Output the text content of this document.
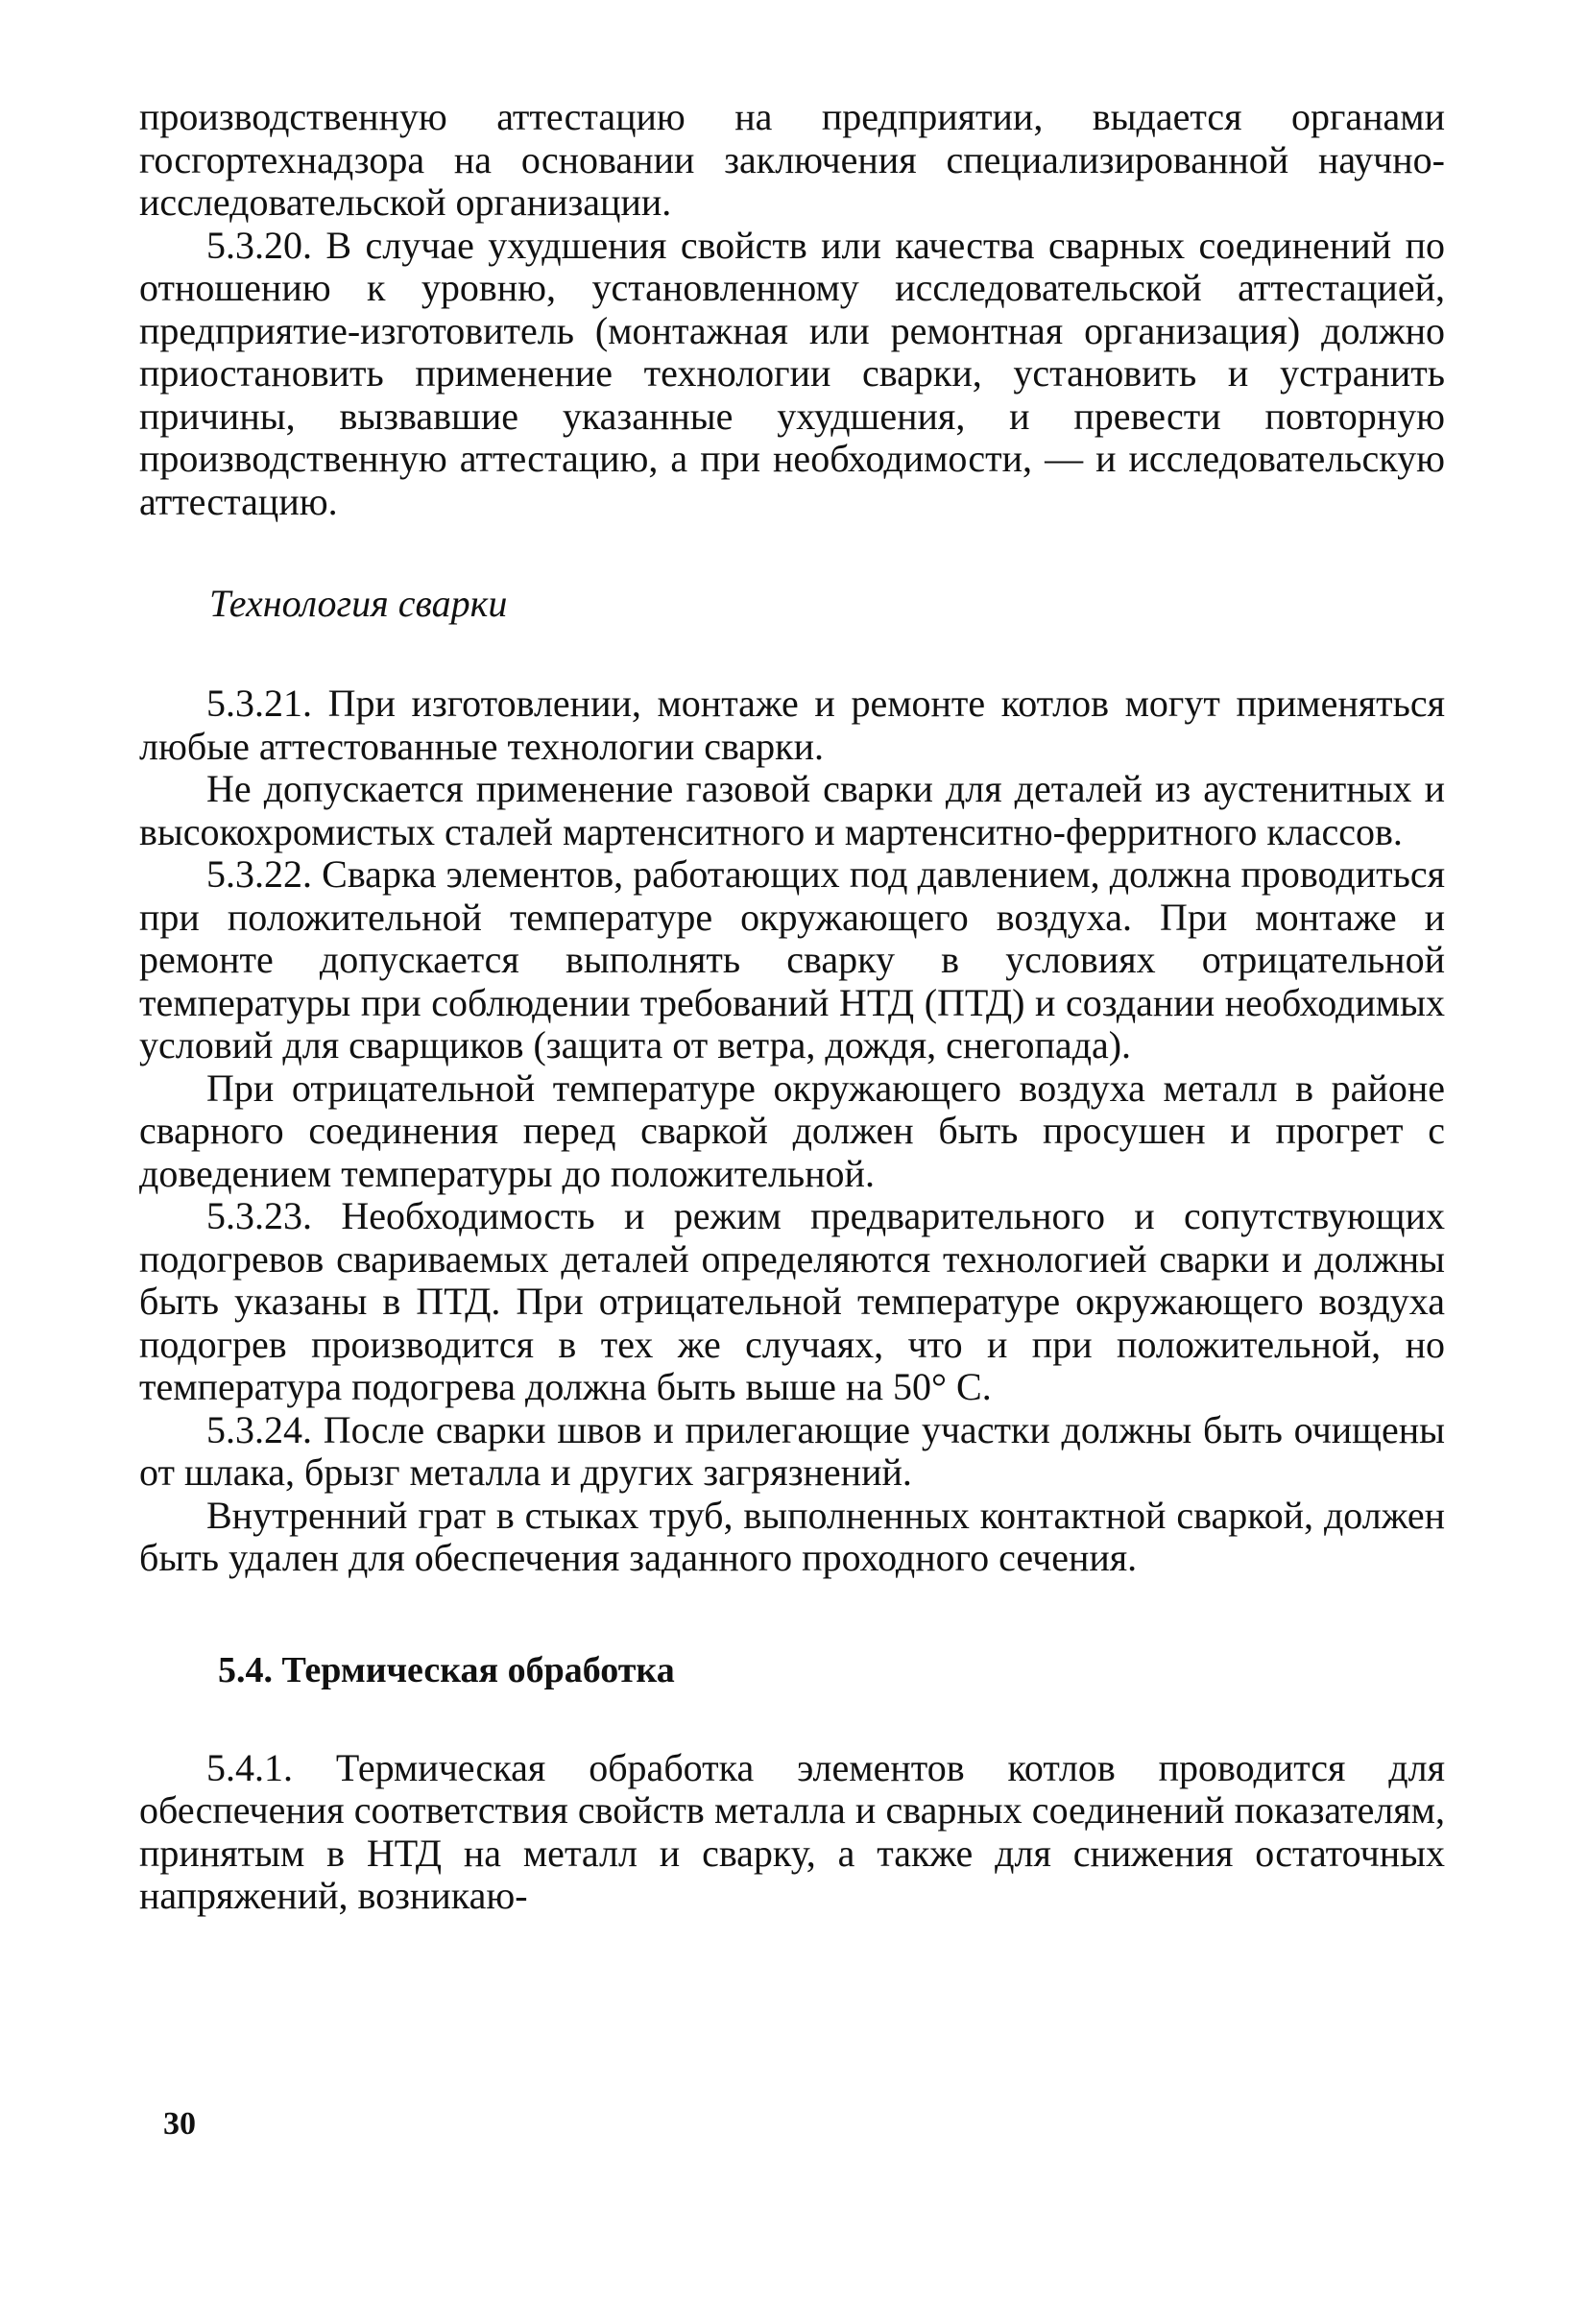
производственную аттестацию на предприятии, выдается органами госгортехнадзора на основании заключения специализированной научно-исследовательской организации.

5.3.20. В случае ухудшения свойств или качества сварных соединений по отношению к уровню, установленному исследовательской аттестацией, предприятие-изготовитель (монтажная или ремонтная организация) должно приостановить применение технологии сварки, установить и устранить причины, вызвавшие указанные ухудшения, и превести повторную производственную аттестацию, а при необходимости, — и исследовательскую аттестацию.

Технология сварки

5.3.21. При изготовлении, монтаже и ремонте котлов могут применяться любые аттестованные технологии сварки.

Не допускается применение газовой сварки для деталей из аустенитных и высокохромистых сталей мартенситного и мартенситно-ферритного классов.

5.3.22. Сварка элементов, работающих под давлением, должна проводиться при положительной температуре окружающего воздуха. При монтаже и ремонте допускается выполнять сварку в условиях отрицательной температуры при соблюдении требований НТД (ПТД) и создании необходимых условий для сварщиков (защита от ветра, дождя, снегопада).

При отрицательной температуре окружающего воздуха металл в районе сварного соединения перед сваркой должен быть просушен и прогрет с доведением температуры до положительной.

5.3.23. Необходимость и режим предварительного и сопутствующих подогревов свариваемых деталей определяются технологией сварки и должны быть указаны в ПТД. При отрицательной температуре окружающего воздуха подогрев производится в тех же случаях, что и при положительной, но температура подогрева должна быть выше на 50° С.

5.3.24. После сварки швов и прилегающие участки должны быть очищены от шлака, брызг металла и других загрязнений.

Внутренний грат в стыках труб, выполненных контактной сваркой, должен быть удален для обеспечения заданного проходного сечения.

5.4. Термическая обработка

5.4.1. Термическая обработка элементов котлов проводится для обеспечения соответствия свойств металла и сварных соединений показателям, принятым в НТД на металл и сварку, а также для снижения остаточных напряжений, возникаю-

30
